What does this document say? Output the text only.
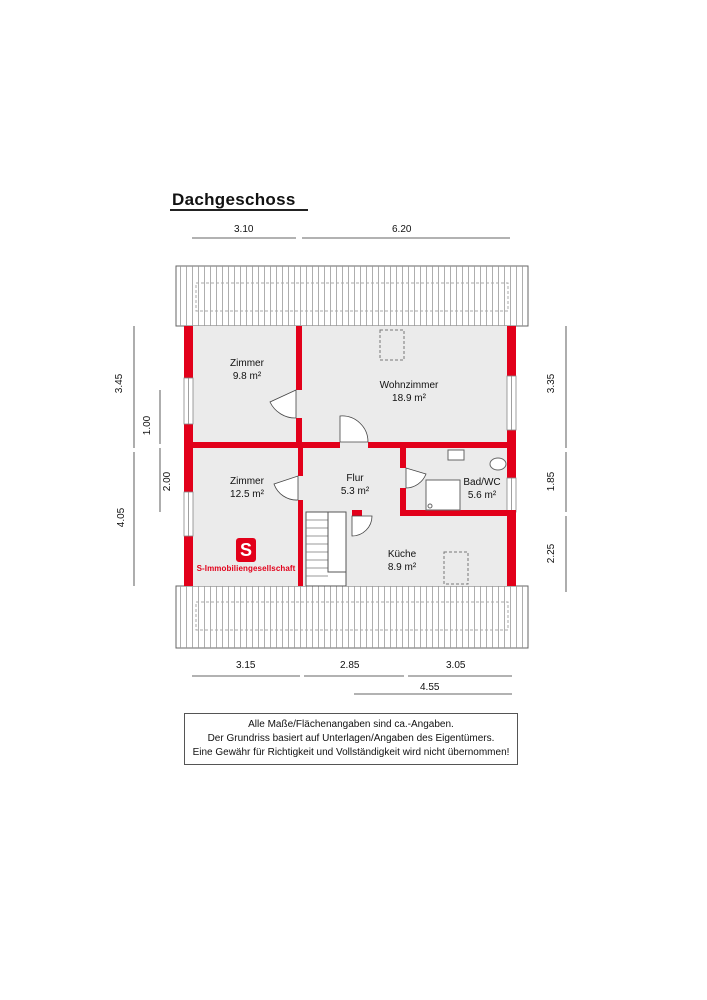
Dachgeschoss
3.10	6.20
3.15	2.85	3.05
4.55
3.45
1.00
2.00
4.05
3.35
1.85
2.25
Zimmer
9.8 m²
Wohnzimmer
18.9 m²
Zimmer
12.5 m²
Flur
5.3 m²
Bad/WC
5.6 m²
Küche
8.9 m²
S
S-Immobiliengesellschaft
Alle Maße/Flächenangaben sind ca.-Angaben.
Der Grundriss basiert auf Unterlagen/Angaben des Eigentümers.
Eine Gewähr für Richtigkeit und Vollständigkeit wird nicht übernommen!
